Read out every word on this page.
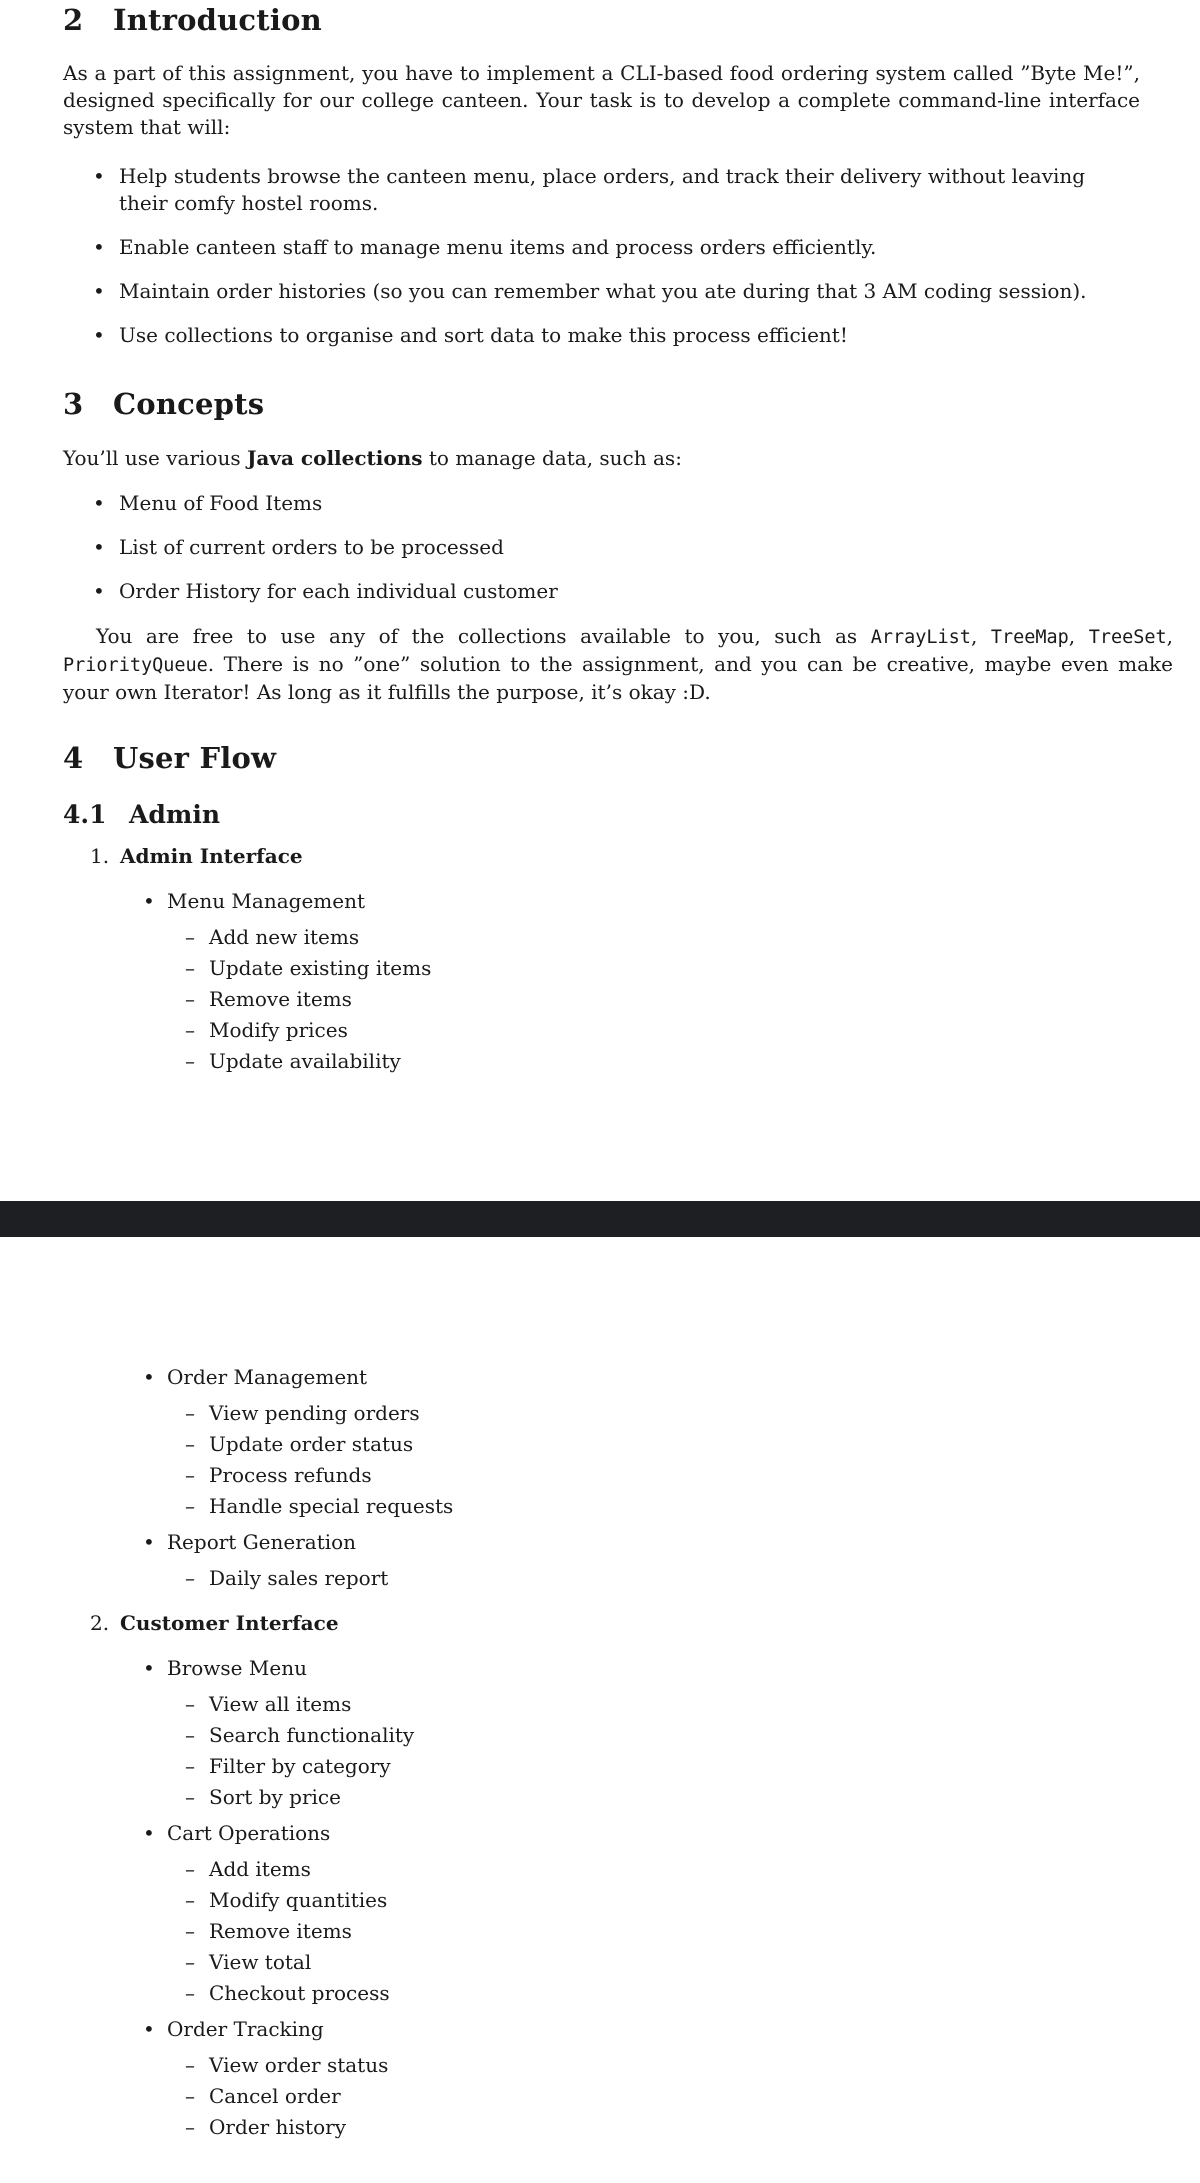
2 Introduction

As a part of this assignment, you have to implement a CLI-based food ordering system called ”Byte Me!”, designed specifically for our college canteen. Your task is to develop a complete command-line interface system that will:

• Help students browse the canteen menu, place orders, and track their delivery without leaving their comfy hostel rooms.
• Enable canteen staff to manage menu items and process orders efficiently.
• Maintain order histories (so you can remember what you ate during that 3 AM coding session).
• Use collections to organise and sort data to make this process efficient!
3 Concepts

You’ll use various Java collections to manage data, such as:

• Menu of Food Items
• List of current orders to be processed
• Order History for each individual customer

You are free to use any of the collections available to you, such as ArrayList, TreeMap, TreeSet, PriorityQueue. There is no ”one” solution to the assignment, and you can be creative, maybe even make your own Iterator! As long as it fulfills the purpose, it’s okay :D.

4 User Flow
4.1 Admin
1. Admin Interface
• Menu Management
– Add new items
– Update existing items
– Remove items
– Modify prices
– Update availability
• Order Management
– View pending orders
– Update order status
– Process refunds
– Handle special requests
• Report Generation
– Daily sales report
2. Customer Interface
• Browse Menu
– View all items
– Search functionality
– Filter by category
– Sort by price
• Cart Operations
– Add items
– Modify quantities
– Remove items
– View total
– Checkout process
• Order Tracking
– View order status
– Cancel order
– Order history
